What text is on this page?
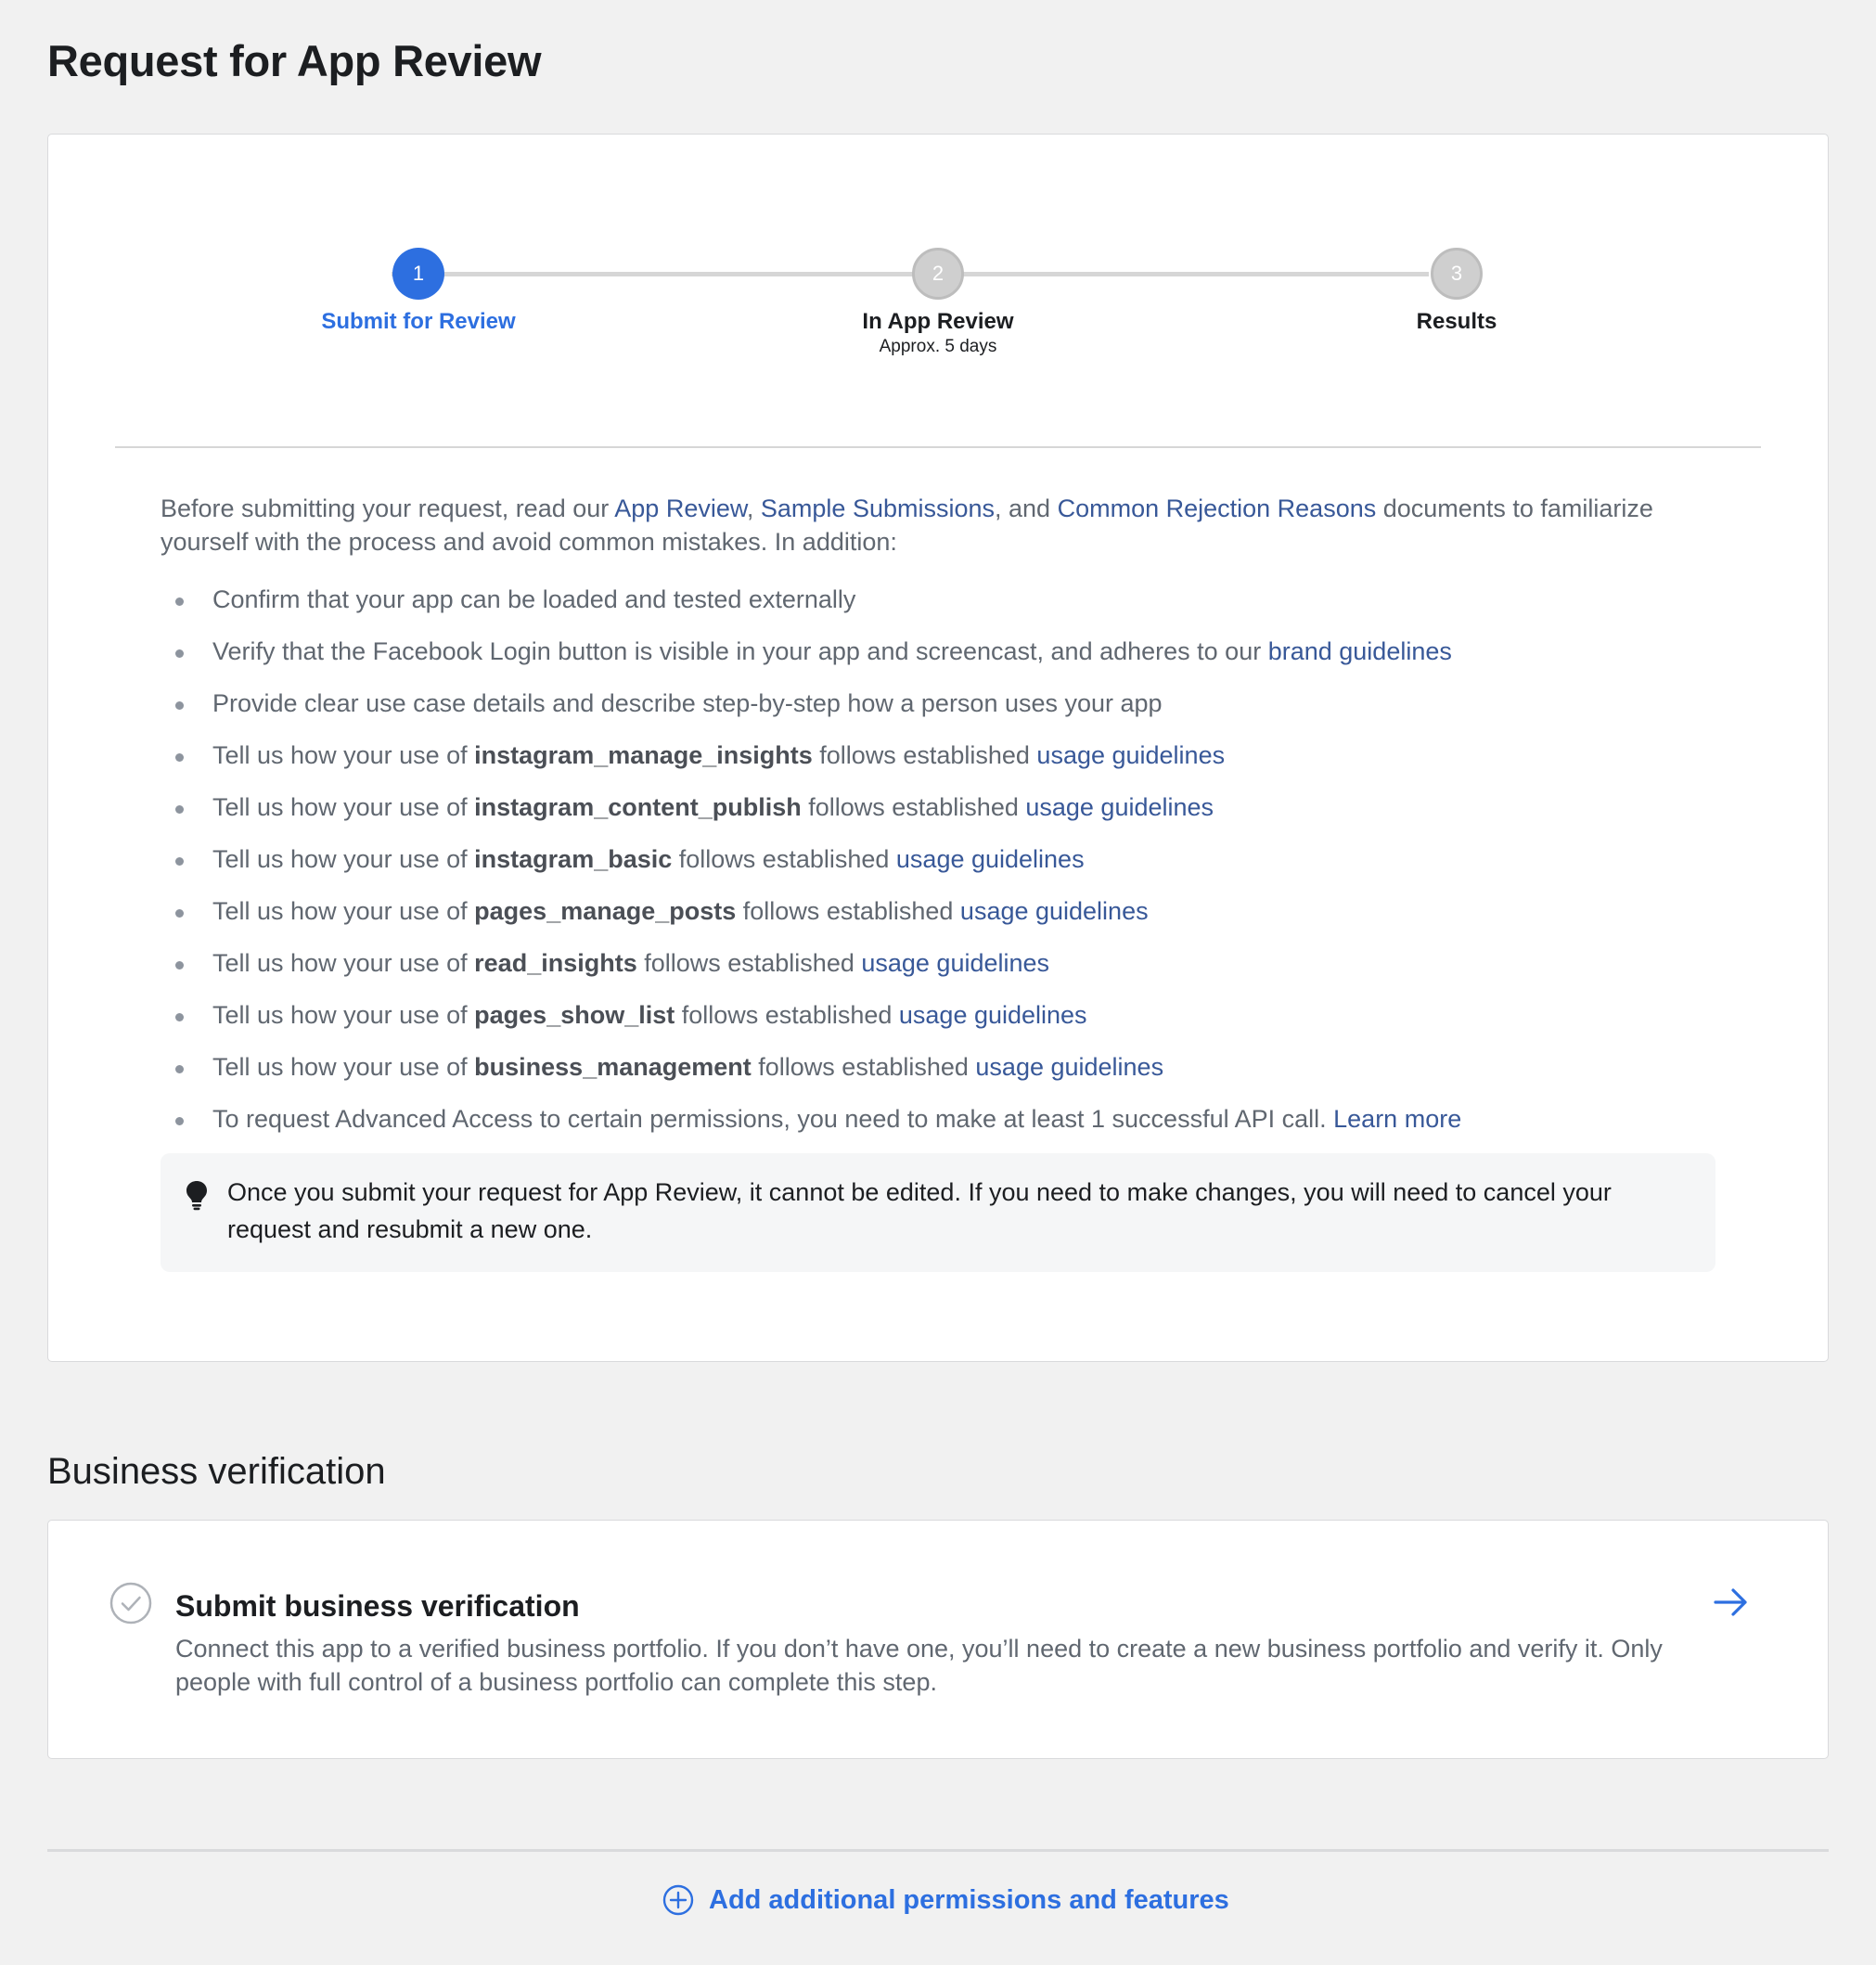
Request for App Review
1
Submit for Review
2
In App Review
Approx. 5 days
3
Results

Before submitting your request, read our App Review, Sample Submissions, and Common Rejection Reasons documents to familiarize yourself with the process and avoid common mistakes. In addition:

Confirm that your app can be loaded and tested externally
Verify that the Facebook Login button is visible in your app and screencast, and adheres to our brand guidelines
Provide clear use case details and describe step-by-step how a person uses your app
Tell us how your use of instagram_manage_insights follows established usage guidelines
Tell us how your use of instagram_content_publish follows established usage guidelines
Tell us how your use of instagram_basic follows established usage guidelines
Tell us how your use of pages_manage_posts follows established usage guidelines
Tell us how your use of read_insights follows established usage guidelines
Tell us how your use of pages_show_list follows established usage guidelines
Tell us how your use of business_management follows established usage guidelines
To request Advanced Access to certain permissions, you need to make at least 1 successful API call. Learn more
Once you submit your request for App Review, it cannot be edited. If you need to make changes, you will need to cancel your request and resubmit a new one.
Business verification
Submit business verification
Connect this app to a verified business portfolio. If you don’t have one, you’ll need to create a new business portfolio and verify it. Only people with full control of a business portfolio can complete this step.
Add additional permissions and features
